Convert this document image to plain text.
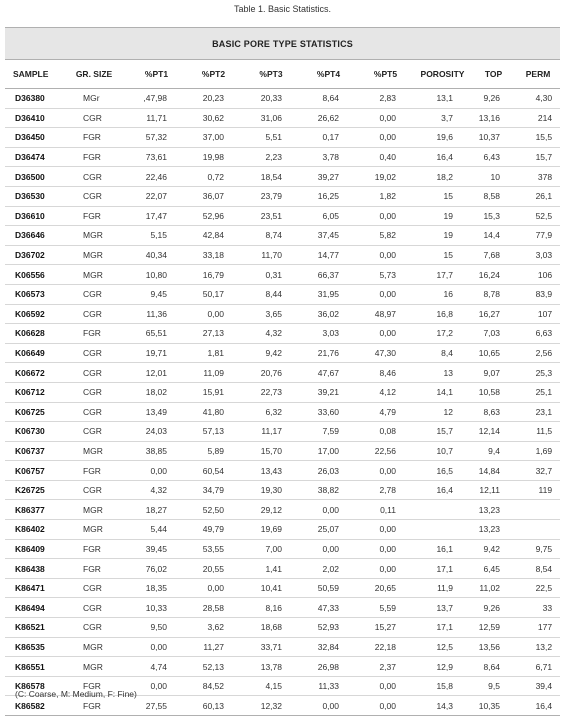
Table 1. Basic Statistics.
BASIC PORE TYPE STATISTICS									
SAMPLE	GR. SIZE	%PT1	%PT2	%PT3	%PT4	%PT5	POROSITY	TOP	PERM
D36380	MGr	,47,98	20,23	20,33	8,64	2,83	13,1	9,26	4,30
D36410	CGR	11,71	30,62	31,06	26,62	0,00	3,7	13,16	214
D36450	FGR	57,32	37,00	5,51	0,17	0,00	19,6	10,37	15,5
D36474	FGR	73,61	19,98	2,23	3,78	0,40	16,4	6,43	15,7
D36500	CGR	22,46	0,72	18,54	39,27	19,02	18,2	10	378
D36530	CGR	22,07	36,07	23,79	16,25	1,82	15	8,58	26,1
D36610	FGR	17,47	52,96	23,51	6,05	0,00	19	15,3	52,5
D36646	MGR	5,15	42,84	8,74	37,45	5,82	19	14,4	77,9
D36702	MGR	40,34	33,18	11,70	14,77	0,00	15	7,68	3,03
K06556	MGR	10,80	16,79	0,31	66,37	5,73	17,7	16,24	106
K06573	CGR	9,45	50,17	8,44	31,95	0,00	16	8,78	83,9
K06592	CGR	11,36	0,00	3,65	36,02	48,97	16,8	16,27	107
K06628	FGR	65,51	27,13	4,32	3,03	0,00	17,2	7,03	6,63
K06649	CGR	19,71	1,81	9,42	21,76	47,30	8,4	10,65	2,56
K06672	CGR	12,01	11,09	20,76	47,67	8,46	13	9,07	25,3
K06712	CGR	18,02	15,91	22,73	39,21	4,12	14,1	10,58	25,1
K06725	CGR	13,49	41,80	6,32	33,60	4,79	12	8,63	23,1
K06730	CGR	24,03	57,13	11,17	7,59	0,08	15,7	12,14	11,5
K06737	MGR	38,85	5,89	15,70	17,00	22,56	10,7	9,4	1,69
K06757	FGR	0,00	60,54	13,43	26,03	0,00	16,5	14,84	32,7
K26725	CGR	4,32	34,79	19,30	38,82	2,78	16,4	12,11	119
K86377	MGR	18,27	52,50	29,12	0,00	0,11		13,23	
K86402	MGR	5,44	49,79	19,69	25,07	0,00		13,23	
K86409	FGR	39,45	53,55	7,00	0,00	0,00	16,1	9,42	9,75
K86438	FGR	76,02	20,55	1,41	2,02	0,00	17,1	6,45	8,54
K86471	CGR	18,35	0,00	10,41	50,59	20,65	11,9	11,02	22,5
K86494	CGR	10,33	28,58	8,16	47,33	5,59	13,7	9,26	33
K86521	CGR	9,50	3,62	18,68	52,93	15,27	17,1	12,59	177
K86535	MGR	0,00	11,27	33,71	32,84	22,18	12,5	13,56	13,2
K86551	MGR	4,74	52,13	13,78	26,98	2,37	12,9	8,64	6,71
K86578	FGR	0,00	84,52	4,15	11,33	0,00	15,8	9,5	39,4
K86582	FGR	27,55	60,13	12,32	0,00	0,00	14,3	10,35	16,4
(C: Coarse, M: Medium, F: Fine)
